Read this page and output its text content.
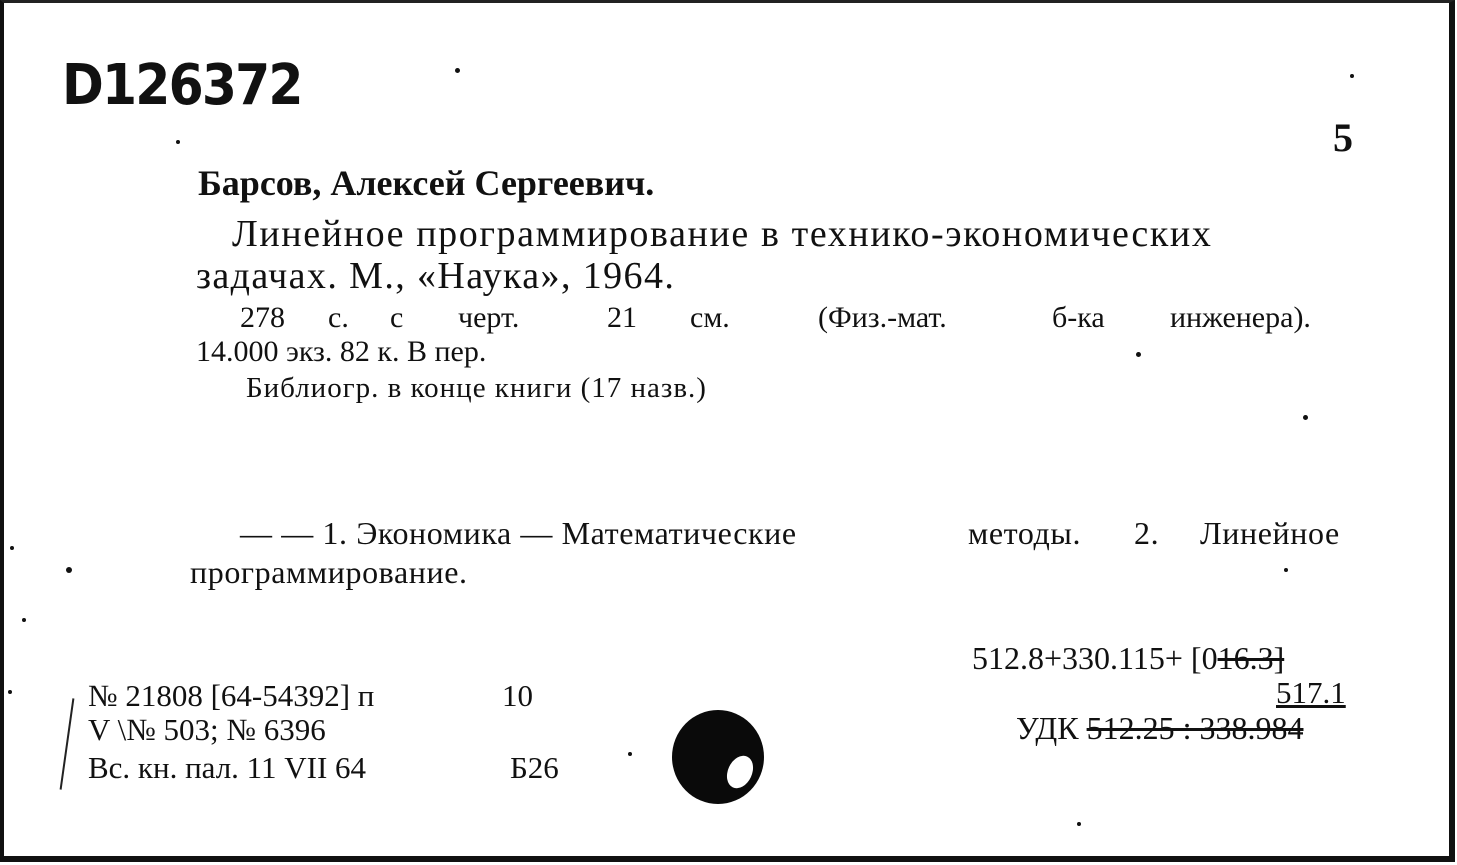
D126372
5
Барсов, Алексей Сергеевич.
Линейное программирование в технико-экономических
задачах. М., «Наука», 1964.
278 с. с черт.	21 см.	(Физ.-мат.	б-ка инженера).
14.000 экз. 82 к. В пер.
Библиогр. в конце книги (17 назв.)
— — 1. Экономика — Математические	методы. 2. Линейное
программирование.
512.8+330.115+ [016.3]
517.1
УДК 512.25 : 338.984
№ 21808 [64-54392] п	10
V \№ 503; № 6396
Вс. кн. пал. 11 VII 64	Б26
